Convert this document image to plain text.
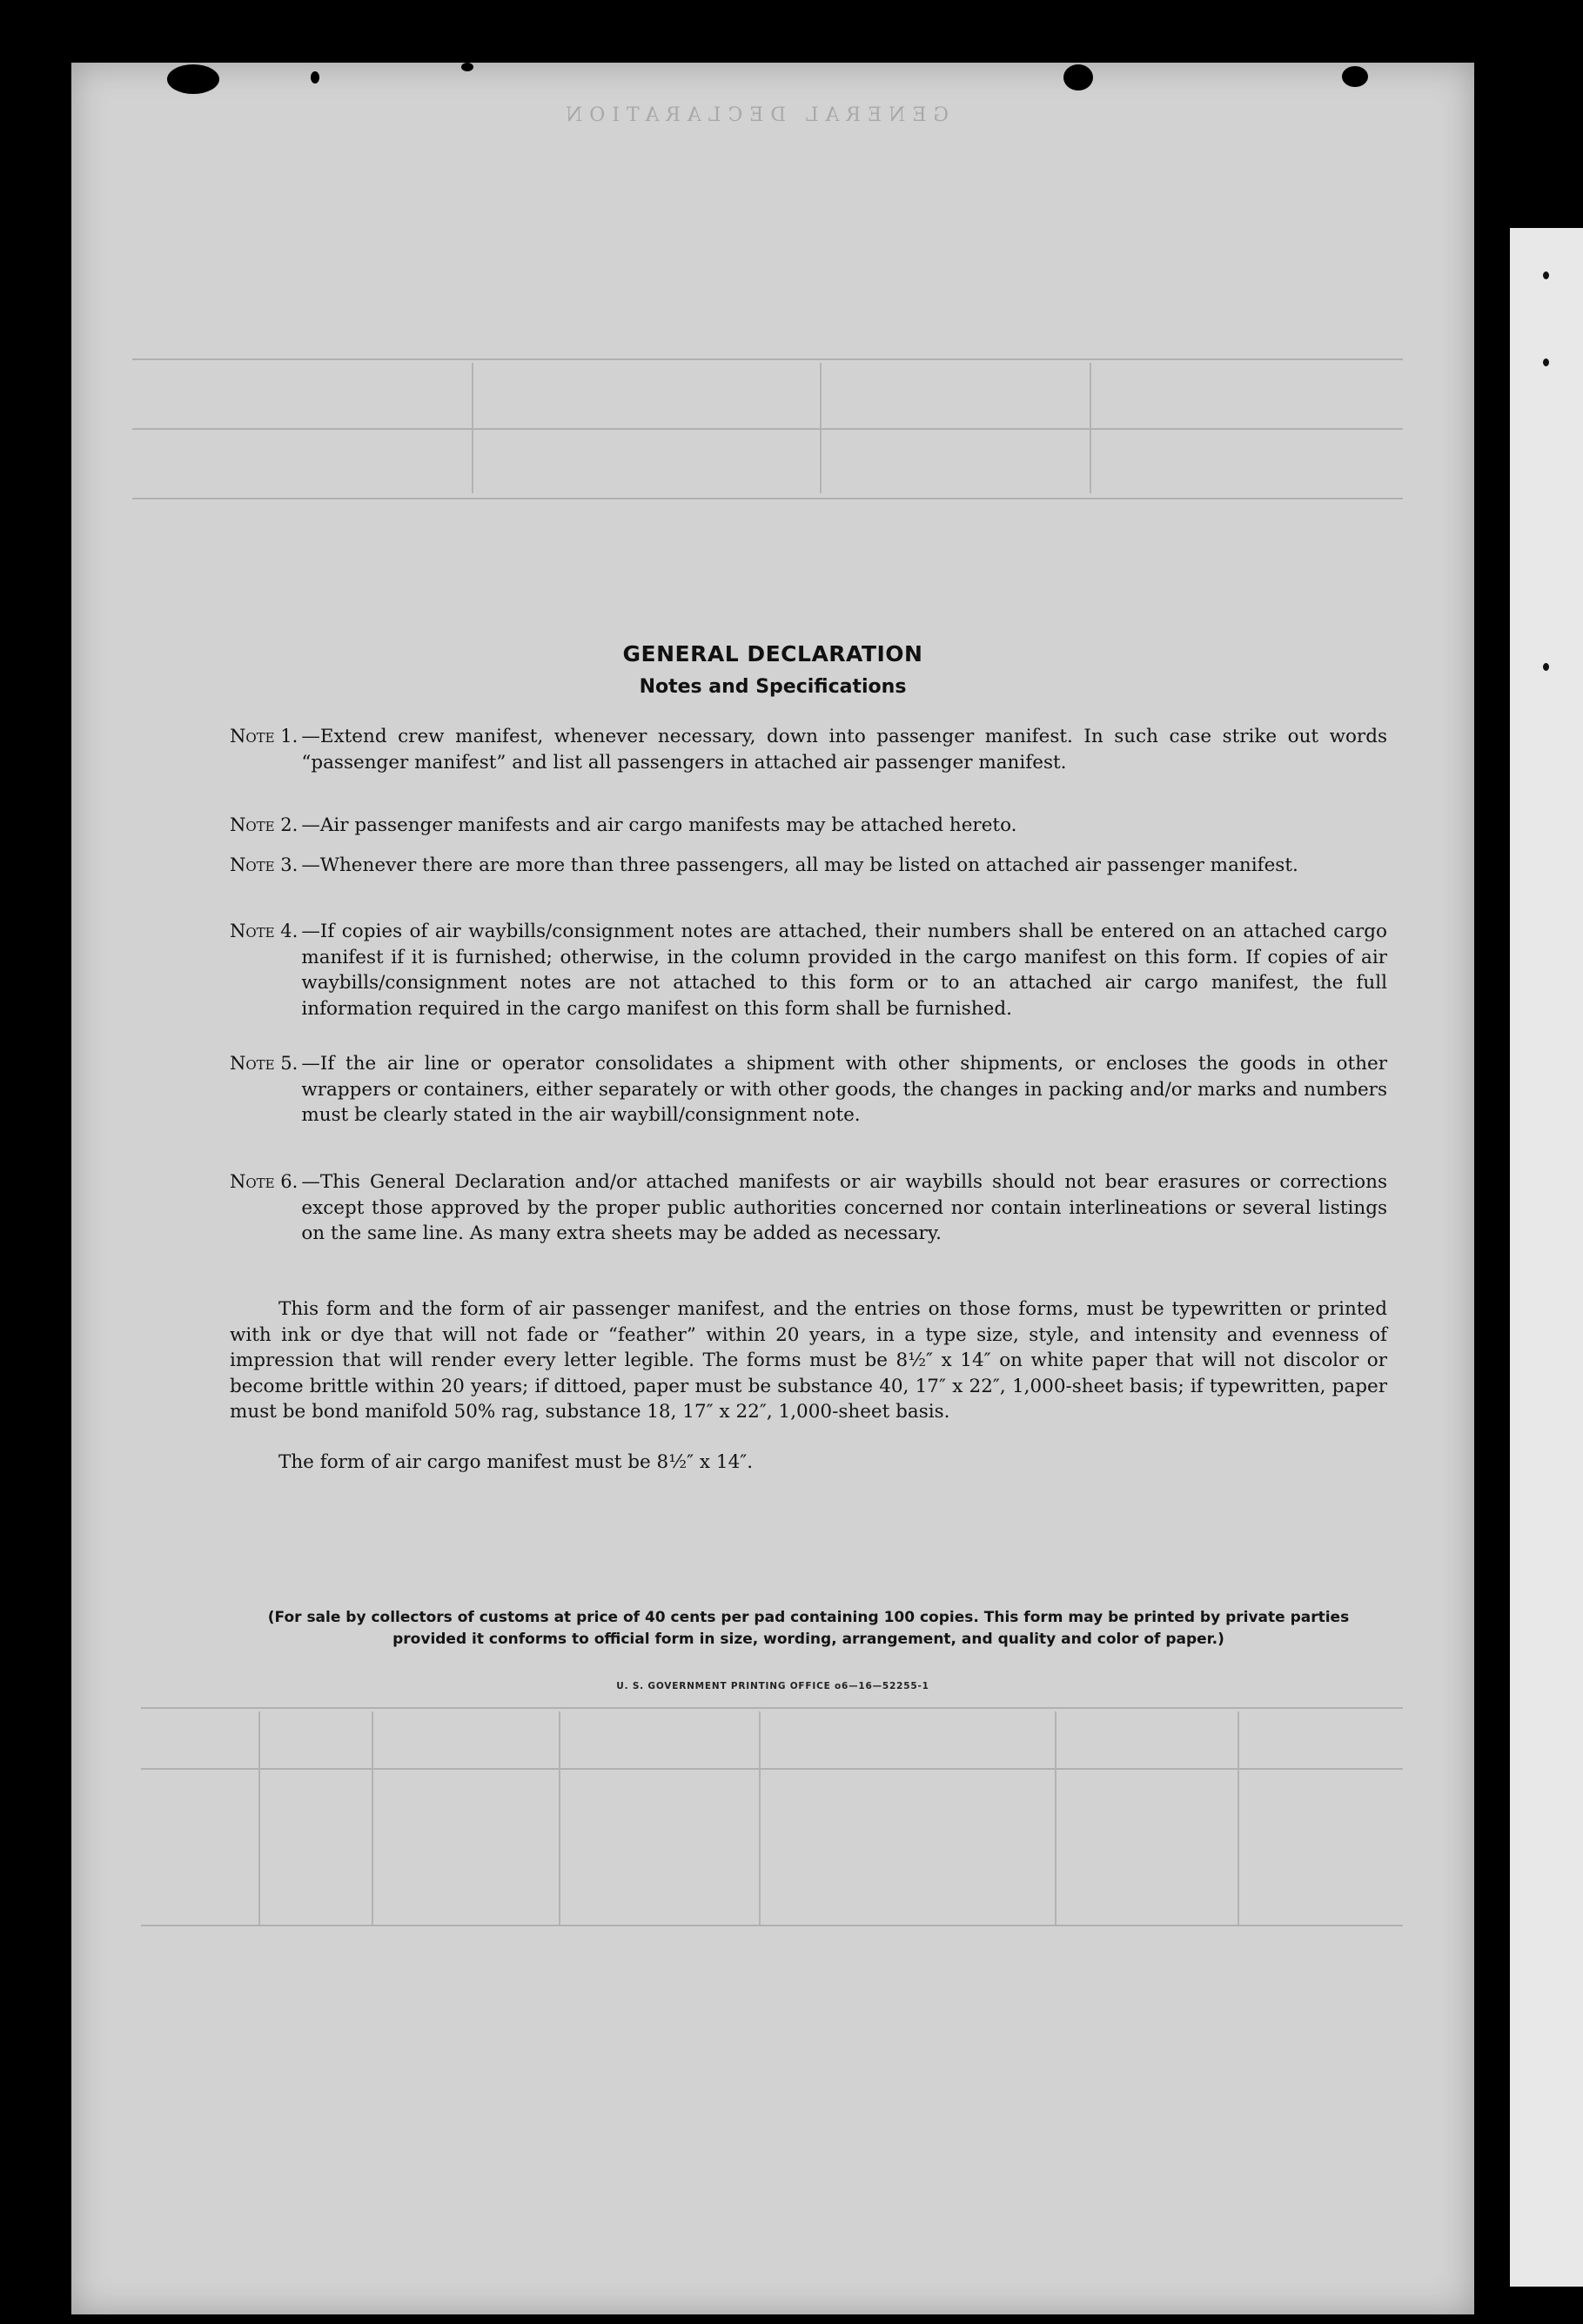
GENERAL DECLARATION
GENERAL DECLARATION
Notes and Specifications
Note 1. —Extend crew manifest, whenever necessary, down into passenger manifest. In such case strike out words “passenger manifest” and list all passengers in attached air passenger manifest.
Note 2. —Air passenger manifests and air cargo manifests may be attached hereto.
Note 3. —Whenever there are more than three passengers, all may be listed on attached air passenger manifest.
Note 4. —If copies of air waybills/consignment notes are attached, their numbers shall be entered on an attached cargo manifest if it is furnished; otherwise, in the column provided in the cargo manifest on this form. If copies of air waybills/consignment notes are not attached to this form or to an attached air cargo manifest, the full information required in the cargo manifest on this form shall be furnished.
Note 5. —If the air line or operator consolidates a shipment with other shipments, or encloses the goods in other wrappers or containers, either separately or with other goods, the changes in packing and/or marks and numbers must be clearly stated in the air waybill/consignment note.
Note 6. —This General Declaration and/or attached manifests or air waybills should not bear erasures or corrections except those approved by the proper public authorities concerned nor contain interlineations or several listings on the same line. As many extra sheets may be added as necessary.
This form and the form of air passenger manifest, and the entries on those forms, must be typewritten or printed with ink or dye that will not fade or “feather” within 20 years, in a type size, style, and intensity and evenness of impression that will render every letter legible. The forms must be 8½″ x 14″ on white paper that will not discolor or become brittle within 20 years; if dittoed, paper must be substance 40, 17″ x 22″, 1,000-sheet basis; if typewritten, paper must be bond manifold 50% rag, substance 18, 17″ x 22″, 1,000-sheet basis.
The form of air cargo manifest must be 8½″ x 14″.
(For sale by collectors of customs at price of 40 cents per pad containing 100 copies. This form may be printed by private parties provided it conforms to official form in size, wording, arrangement, and quality and color of paper.)
U. S. GOVERNMENT PRINTING OFFICE o6—16—52255-1
